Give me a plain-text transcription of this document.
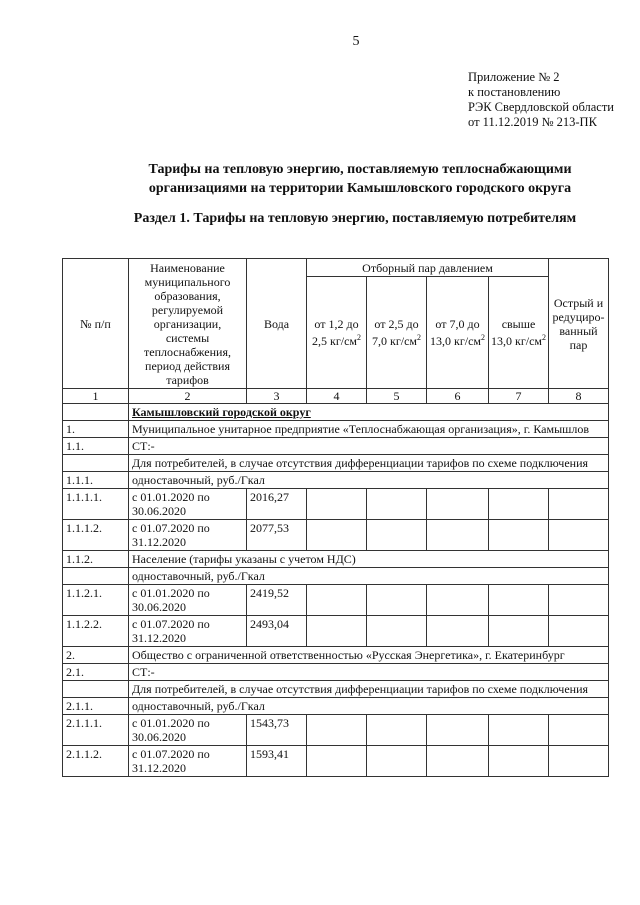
5
Приложение № 2
к постановлению
РЭК Свердловской области
от 11.12.2019 № 213-ПК
Тарифы на тепловую энергию, поставляемую теплоснабжающими
организациями на территории Камышловского городского округа
Раздел 1. Тарифы на тепловую энергию, поставляемую потребителям
№ п/п	Наименование муниципального образования, регулируемой организации, системы теплоснабжения, период действия тарифов	Вода	Отборный пар давлением				Острый и редуциро-ванный пар
			от 1,2 до 2,5 $кг/см^2$	от 2,5 до 7,0 $кг/см^2$	от 7,0 до 13,0 $кг/см^2$	свыше 13,0 $кг/см^2$
1	2	3	4	5	6	7	8
	Камышловский городской округ						
1.	Муниципальное унитарное предприятие «Теплоснабжающая организация», г. Камышлов						
1.1.	СТ:-						
	Для потребителей, в случае отсутствия дифференциации тарифов по схеме подключения						
1.1.1.	одноставочный, руб./Гкал						
1.1.1.1.	с 01.01.2020 по 30.06.2020	2016,27					
1.1.1.2.	с 01.07.2020 по 31.12.2020	2077,53					
1.1.2.	Население (тарифы указаны с учетом НДС)						
	одноставочный, руб./Гкал						
1.1.2.1.	с 01.01.2020 по 30.06.2020	2419,52					
1.1.2.2.	с 01.07.2020 по 31.12.2020	2493,04					
2.	Общество с ограниченной ответственностью «Русская Энергетика», г. Екатеринбург						
2.1.	СТ:-						
	Для потребителей, в случае отсутствия дифференциации тарифов по схеме подключения						
2.1.1.	одноставочный, руб./Гкал						
2.1.1.1.	с 01.01.2020 по 30.06.2020	1543,73					
2.1.1.2.	с 01.07.2020 по 31.12.2020	1593,41					
